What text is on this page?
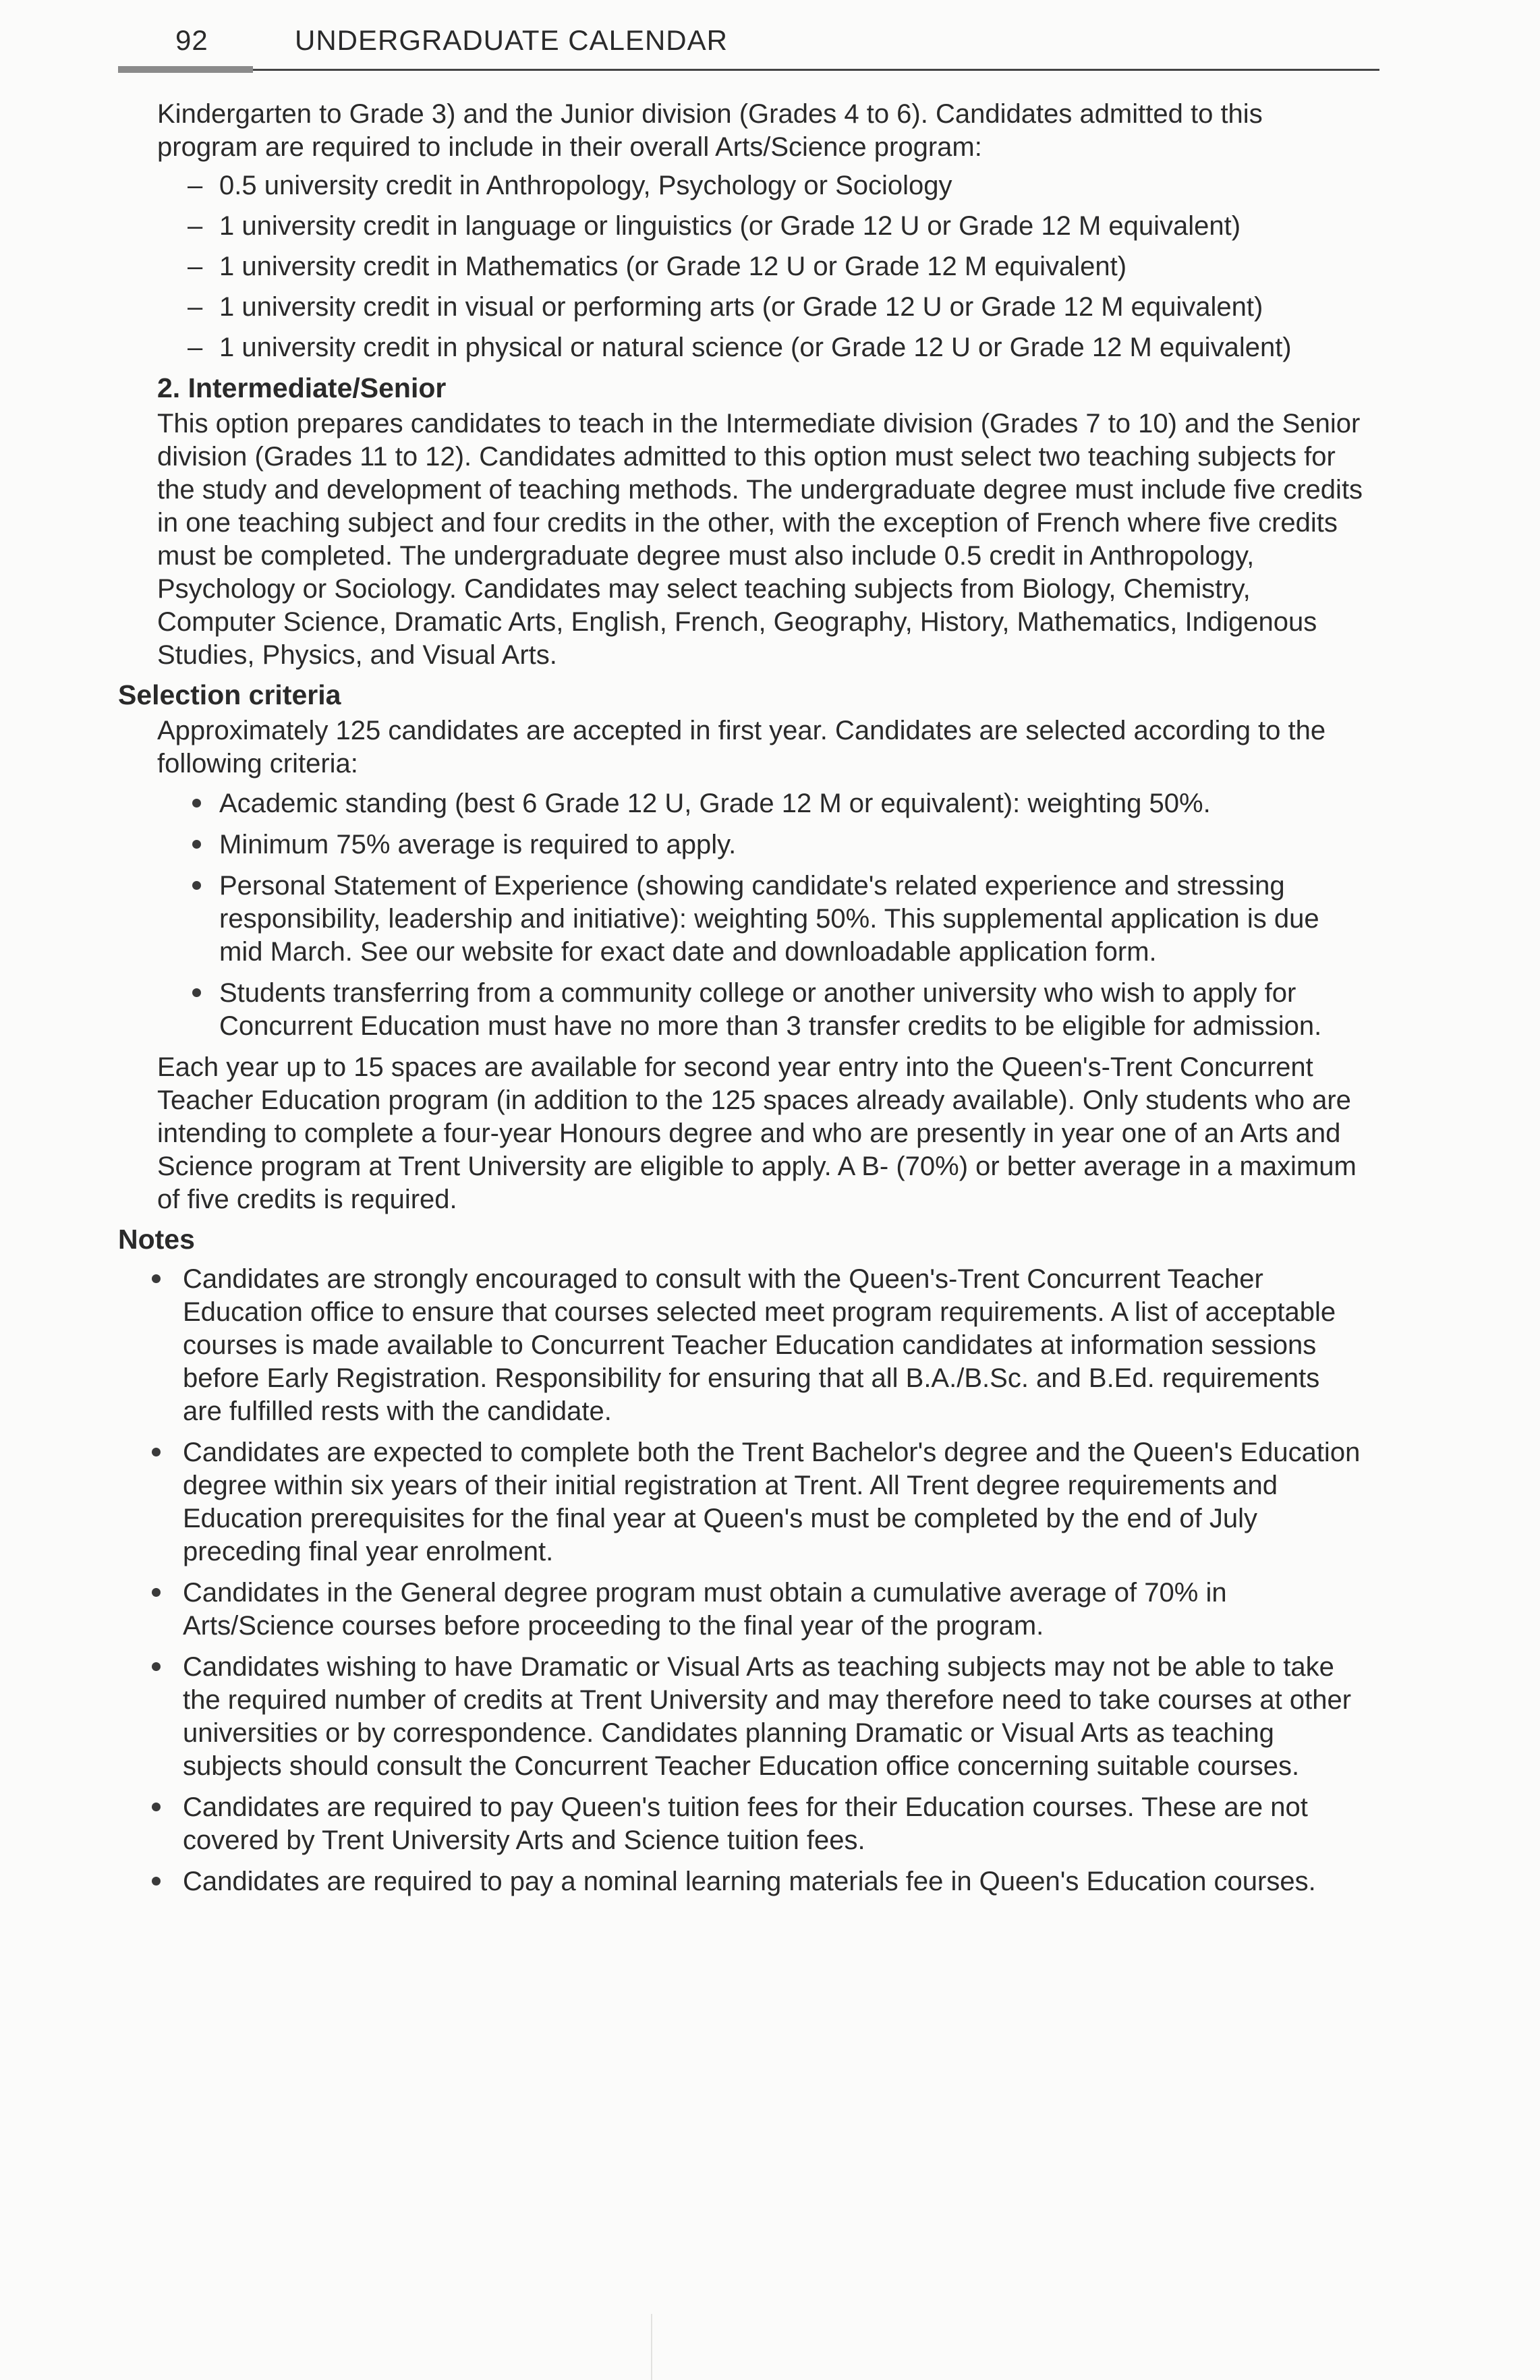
92	UNDERGRADUATE CALENDAR

Kindergarten to Grade 3) and the Junior division (Grades 4 to 6). Candidates admitted to this program are required to include in their overall Arts/Science program:

– 0.5 university credit in Anthropology, Psychology or Sociology
– 1 university credit in language or linguistics (or Grade 12 U or Grade 12 M equivalent)
– 1 university credit in Mathematics (or Grade 12 U or Grade 12 M equivalent)
– 1 university credit in visual or performing arts (or Grade 12 U or Grade 12 M equivalent)
– 1 university credit in physical or natural science (or Grade 12 U or Grade 12 M equivalent)
2. Intermediate/Senior

This option prepares candidates to teach in the Intermediate division (Grades 7 to 10) and the Senior division (Grades 11 to 12). Candidates admitted to this option must select two teaching subjects for the study and development of teaching methods. The undergraduate degree must include five credits in one teaching subject and four credits in the other, with the exception of French where five credits must be completed. The undergraduate degree must also include 0.5 credit in Anthropology, Psychology or Sociology. Candidates may select teaching subjects from Biology, Chemistry, Computer Science, Dramatic Arts, English, French, Geography, History, Mathematics, Indigenous Studies, Physics, and Visual Arts.

Selection criteria

Approximately 125 candidates are accepted in first year. Candidates are selected according to the following criteria:

Academic standing (best 6 Grade 12 U, Grade 12 M or equivalent): weighting 50%.
Minimum 75% average is required to apply.
Personal Statement of Experience (showing candidate's related experience and stressing responsibility, leadership and initiative): weighting 50%. This supplemental application is due mid March. See our website for exact date and downloadable application form.
Students transferring from a community college or another university who wish to apply for Concurrent Education must have no more than 3 transfer credits to be eligible for admission.

Each year up to 15 spaces are available for second year entry into the Queen's-Trent Concurrent Teacher Education program (in addition to the 125 spaces already available). Only students who are intending to complete a four-year Honours degree and who are presently in year one of an Arts and Science program at Trent University are eligible to apply. A B- (70%) or better average in a maximum of five credits is required.

Notes
Candidates are strongly encouraged to consult with the Queen's-Trent Concurrent Teacher Education office to ensure that courses selected meet program requirements. A list of acceptable courses is made available to Concurrent Teacher Education candidates at information sessions before Early Registration. Responsibility for ensuring that all B.A./B.Sc. and B.Ed. requirements are fulfilled rests with the candidate.
Candidates are expected to complete both the Trent Bachelor's degree and the Queen's Education degree within six years of their initial registration at Trent. All Trent degree requirements and Education prerequisites for the final year at Queen's must be completed by the end of July preceding final year enrolment.
Candidates in the General degree program must obtain a cumulative average of 70% in Arts/Science courses before proceeding to the final year of the program.
Candidates wishing to have Dramatic or Visual Arts as teaching subjects may not be able to take the required number of credits at Trent University and may therefore need to take courses at other universities or by correspondence. Candidates planning Dramatic or Visual Arts as teaching subjects should consult the Concurrent Teacher Education office concerning suitable courses.
Candidates are required to pay Queen's tuition fees for their Education courses. These are not covered by Trent University Arts and Science tuition fees.
Candidates are required to pay a nominal learning materials fee in Queen's Education courses.
